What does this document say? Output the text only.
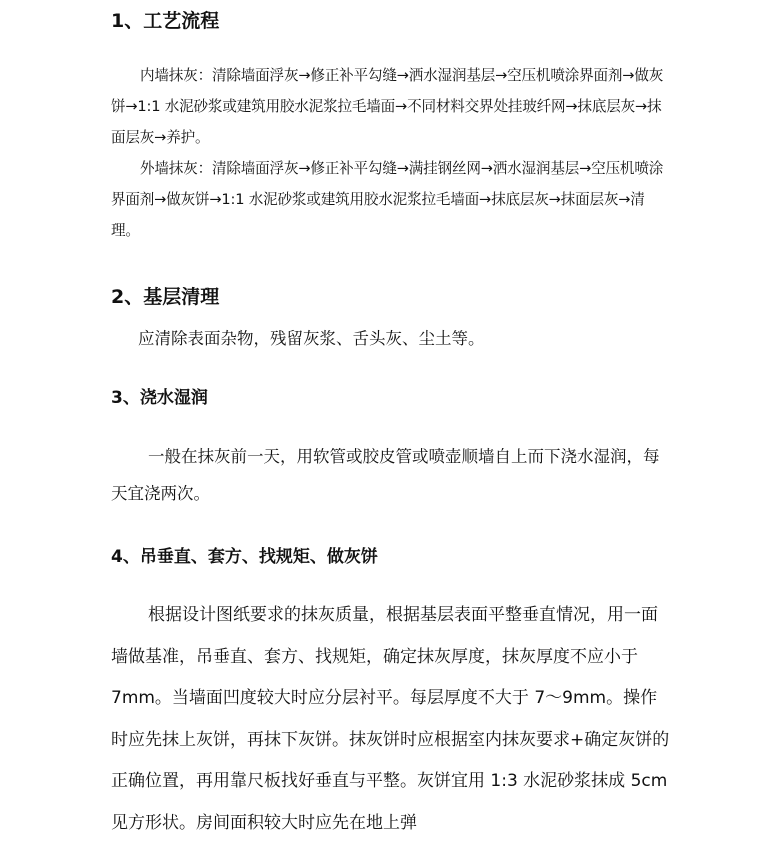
1、工艺流程
内墙抹灰：清除墙面浮灰→修正补平勾缝→洒水湿润基层→空压机喷涂界面剂→做灰饼→1:1 水泥砂浆或建筑用胶水泥浆拉毛墙面→不同材料交界处挂玻纤网→抹底层灰→抹面层灰→养护。
外墙抹灰：清除墙面浮灰→修正补平勾缝→满挂钢丝网→洒水湿润基层→空压机喷涂界面剂→做灰饼→1:1 水泥砂浆或建筑用胶水泥浆拉毛墙面→抹底层灰→抹面层灰→清理。
2、基层清理
应清除表面杂物，残留灰浆、舌头灰、尘土等。
3、浇水湿润
一般在抹灰前一天，用软管或胶皮管或喷壶顺墙自上而下浇水湿润，每天宜浇两次。
4、吊垂直、套方、找规矩、做灰饼
根据设计图纸要求的抹灰质量，根据基层表面平整垂直情况，用一面墙做基准，吊垂直、套方、找规矩，确定抹灰厚度，抹灰厚度不应小于 7mm。当墙面凹度较大时应分层衬平。每层厚度不大于 7～9mm。操作时应先抹上灰饼，再抹下灰饼。抹灰饼时应根据室内抹灰要求+确定灰饼的正确位置，再用靠尺板找好垂直与平整。灰饼宜用 1:3 水泥砂浆抹成 5cm 见方形状。房间面积较大时应先在地上弹
